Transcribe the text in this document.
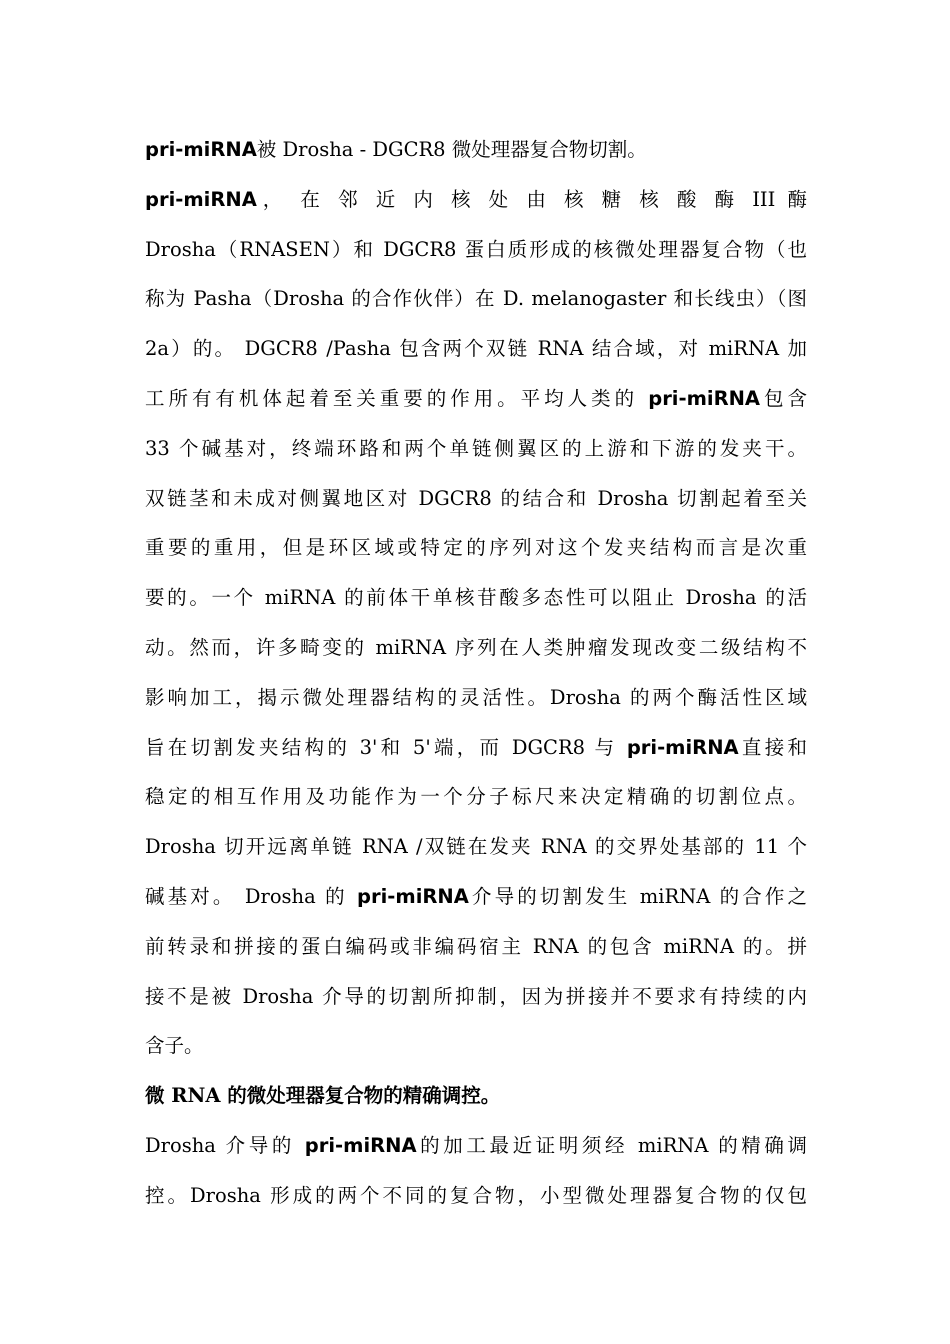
pri-miRNA被 Drosha - DGCR8 微处理器复合物切割。
pri-miRNA， 在 邻 近 内 核 处 由 核 糖 核 酸 酶 III 酶
Drosha（RNASEN）和 DGCR8 蛋白质形成的核微处理器复合物（也
称为 Pasha（Drosha 的合作伙伴）在 D. melanogaster 和长线虫）（图
2a）的。 DGCR8 /Pasha 包含两个双链 RNA 结合域，对 miRNA 加
工所有有机体起着至关重要的作用。平均人类的 pri-miRNA包含
33 个碱基对，终端环路和两个单链侧翼区的上游和下游的发夹干。
双链茎和未成对侧翼地区对 DGCR8 的结合和 Drosha 切割起着至关
重要的重用，但是环区域或特定的序列对这个发夹结构而言是次重
要的。一个 miRNA 的前体干单核苷酸多态性可以阻止 Drosha 的活
动。然而，许多畸变的 miRNA 序列在人类肿瘤发现改变二级结构不
影响加工，揭示微处理器结构的灵活性。Drosha 的两个酶活性区域
旨在切割发夹结构的 3'和 5'端，而 DGCR8 与 pri-miRNA直接和
稳定的相互作用及功能作为一个分子标尺来决定精确的切割位点。
Drosha 切开远离单链 RNA /双链在发夹 RNA 的交界处基部的 11 个
碱基对。 Drosha 的 pri-miRNA介导的切割发生 miRNA 的合作之
前转录和拼接的蛋白编码或非编码宿主 RNA 的包含 miRNA 的。拼
接不是被 Drosha 介导的切割所抑制，因为拼接并不要求有持续的内
含子。
微 RNA 的微处理器复合物的精确调控。
Drosha 介导的 pri-miRNA的加工最近证明须经 miRNA 的精确调
控。Drosha 形成的两个不同的复合物，小型微处理器复合物的仅包
